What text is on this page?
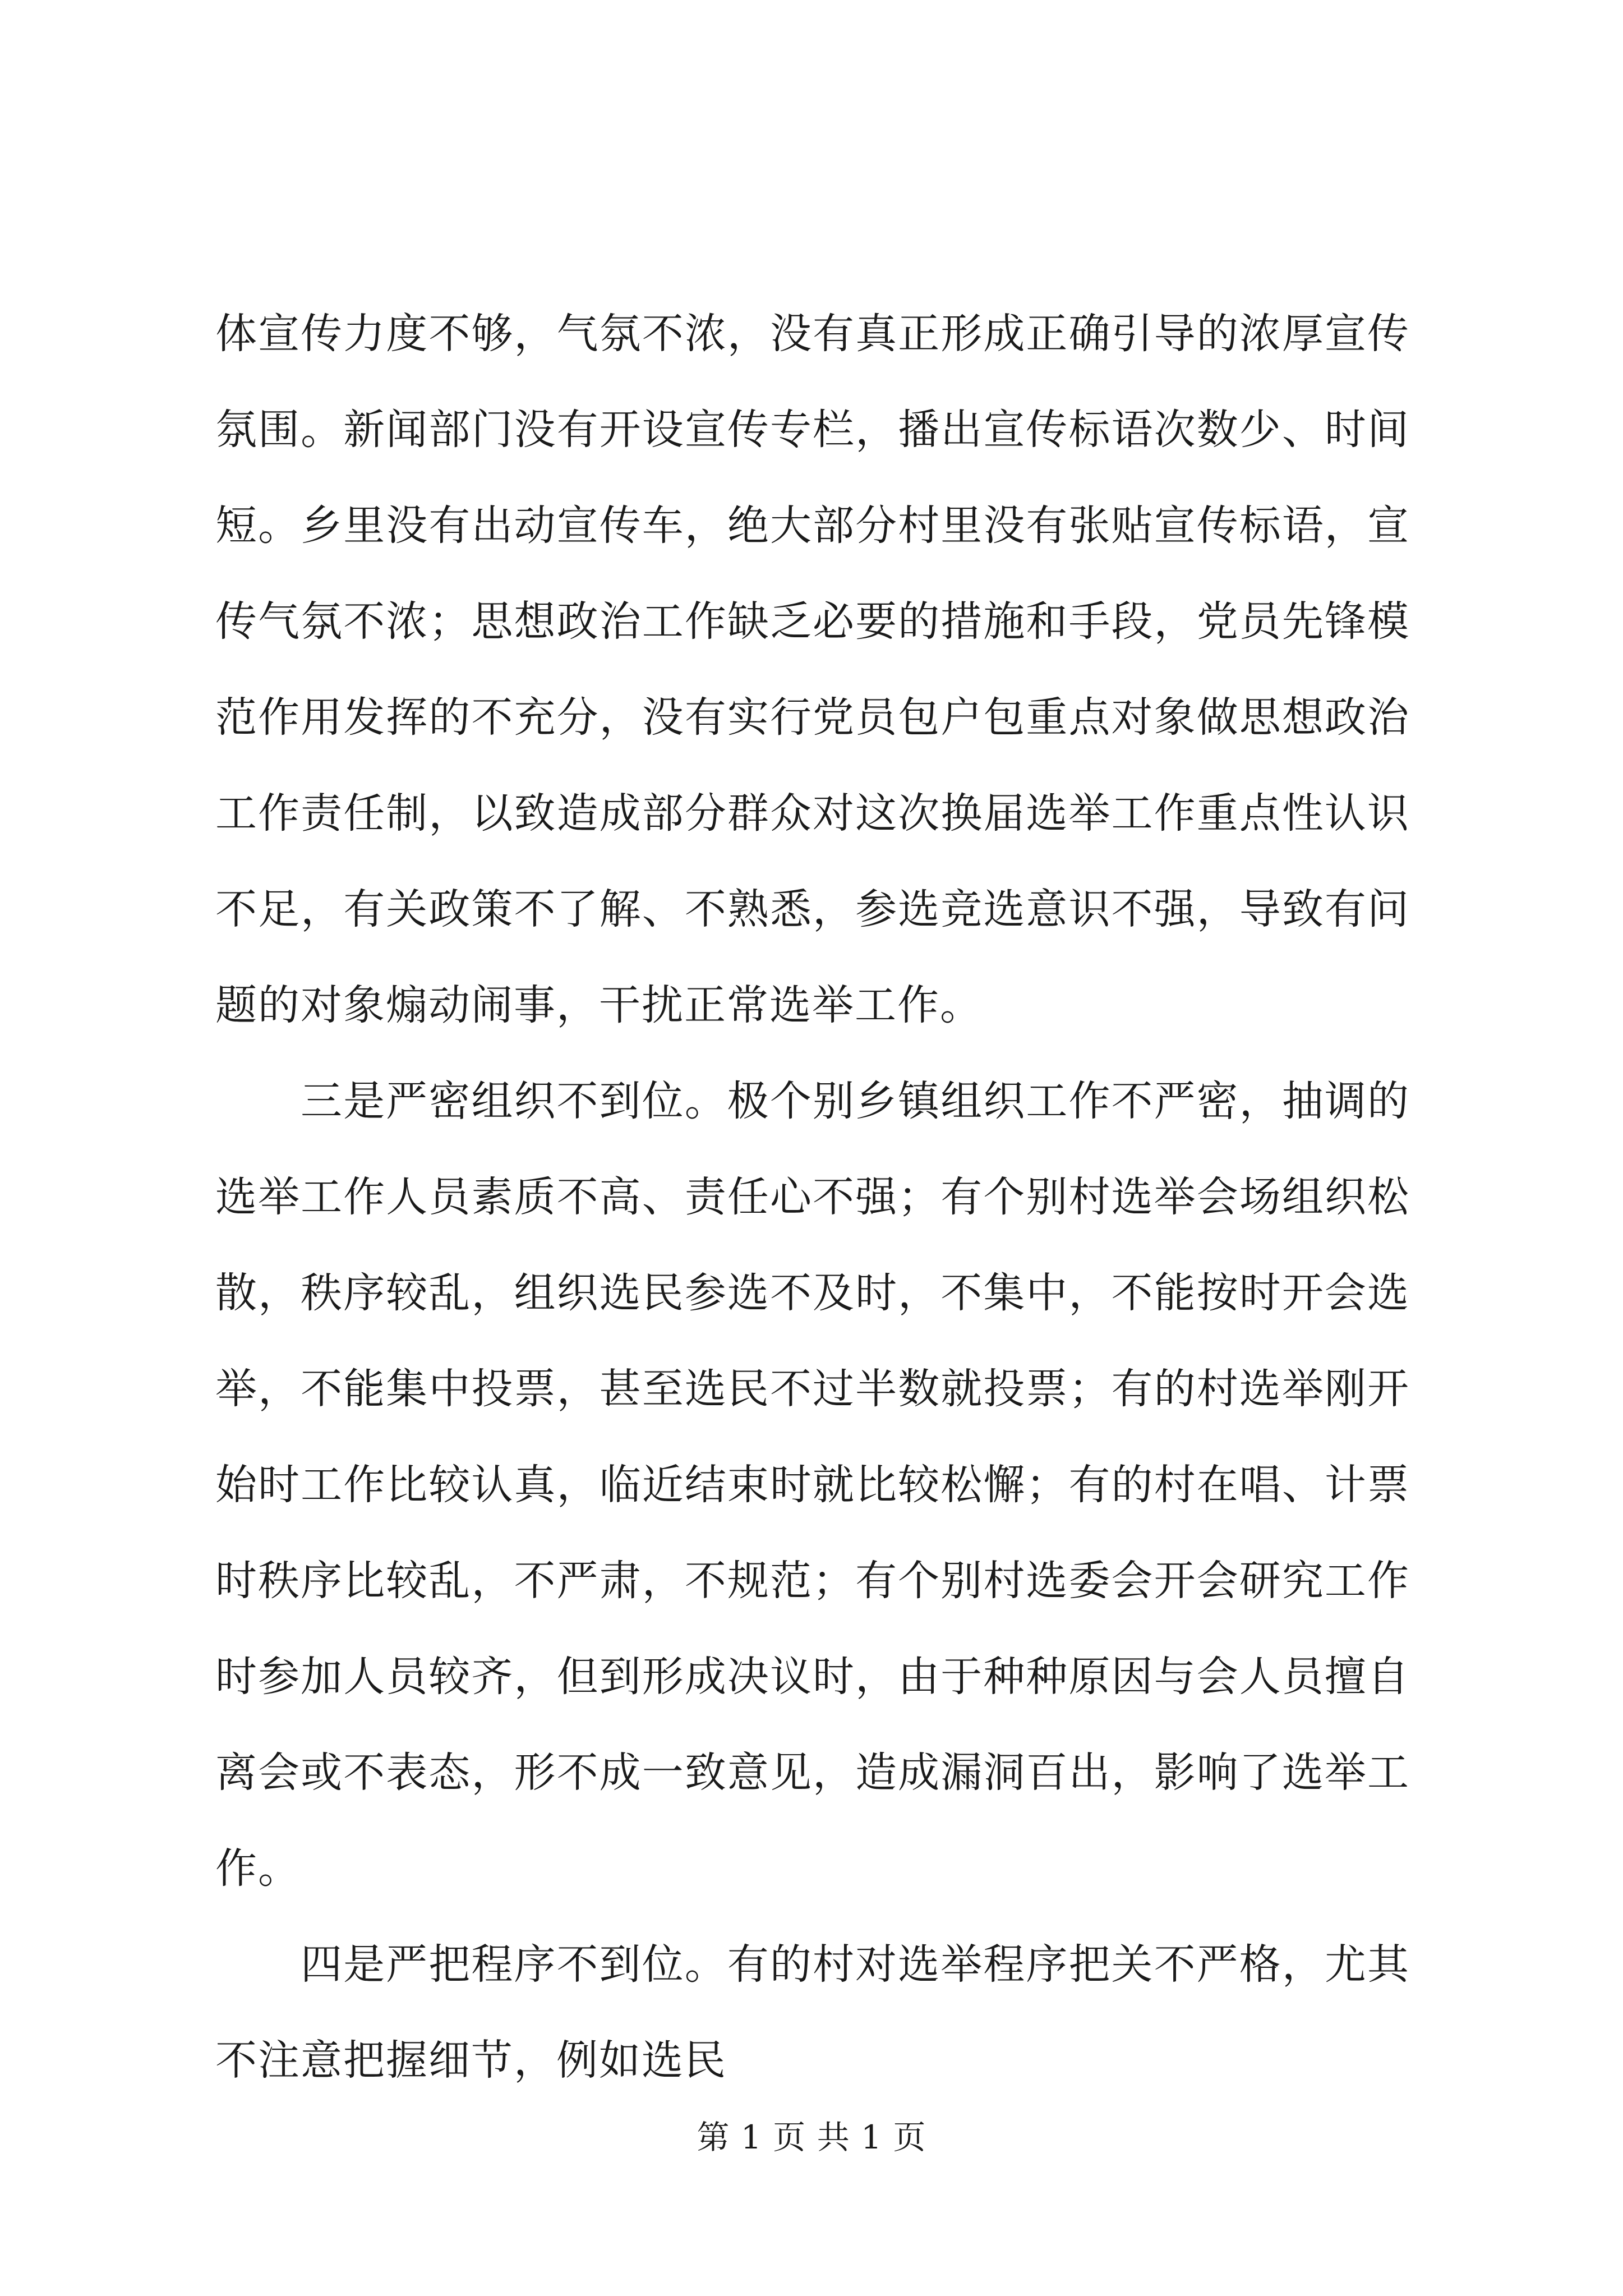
体宣传力度不够，气氛不浓，没有真正形成正确引导的浓厚宣传
氛围。新闻部门没有开设宣传专栏，播出宣传标语次数少、时间
短。乡里没有出动宣传车，绝大部分村里没有张贴宣传标语，宣
传气氛不浓；思想政治工作缺乏必要的措施和手段，党员先锋模
范作用发挥的不充分，没有实行党员包户包重点对象做思想政治
工作责任制，以致造成部分群众对这次换届选举工作重点性认识
不足，有关政策不了解、不熟悉，参选竞选意识不强，导致有问
题的对象煽动闹事，干扰正常选举工作。
三是严密组织不到位。极个别乡镇组织工作不严密，抽调的
选举工作人员素质不高、责任心不强；有个别村选举会场组织松
散，秩序较乱，组织选民参选不及时，不集中，不能按时开会选
举，不能集中投票，甚至选民不过半数就投票；有的村选举刚开
始时工作比较认真，临近结束时就比较松懈；有的村在唱、计票
时秩序比较乱，不严肃，不规范；有个别村选委会开会研究工作
时参加人员较齐，但到形成决议时，由于种种原因与会人员擅自
离会或不表态，形不成一致意见，造成漏洞百出，影响了选举工
作。
四是严把程序不到位。有的村对选举程序把关不严格，尤其
不注意把握细节，例如选民
第 1 页 共 1 页
